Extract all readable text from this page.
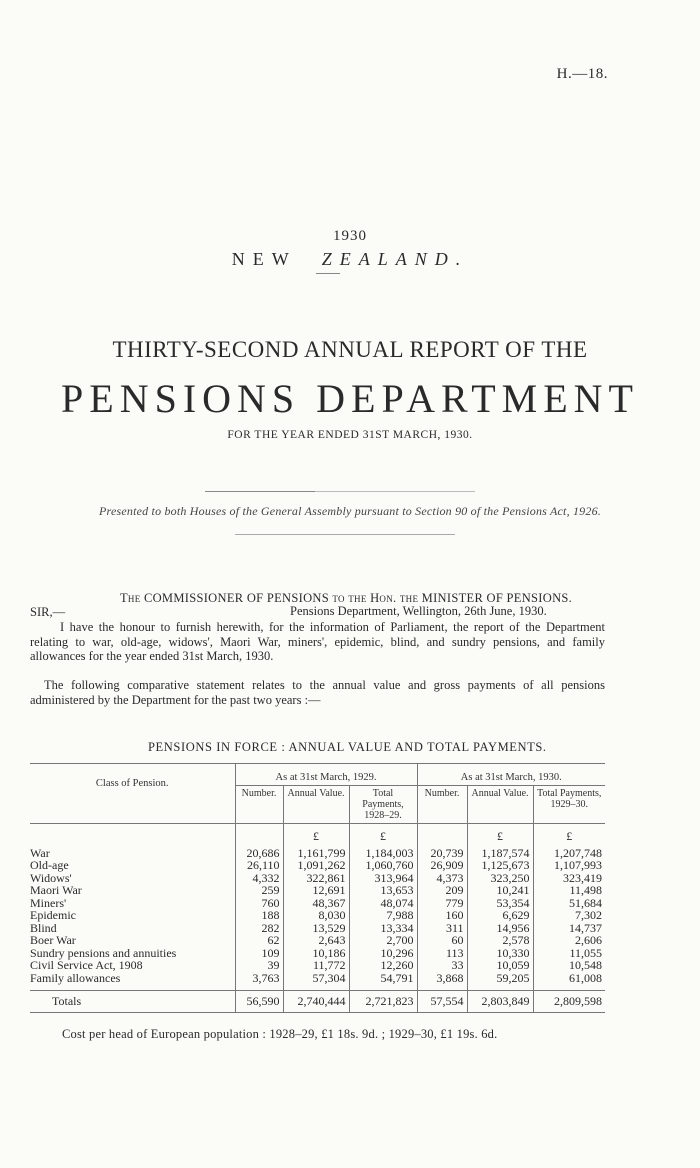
H.—18.
1930
NEW ZEALAND.
THIRTY-SECOND ANNUAL REPORT OF THE
PENSIONS DEPARTMENT
FOR THE YEAR ENDED 31ST MARCH, 1930.
Presented to both Houses of the General Assembly pursuant to Section 90 of the Pensions Act, 1926.
The COMMISSIONER OF PENSIONS to the Hon. the MINISTER OF PENSIONS.
SIR,—	Pensions Department, Wellington, 26th June, 1930.
I have the honour to furnish herewith, for the information of Parliament, the report of the Department relating to war, old-age, widows', Maori War, miners', epidemic, blind, and sundry pensions, and family allowances for the year ended 31st March, 1930.
The following comparative statement relates to the annual value and gross payments of all pensions administered by the Department for the past two years :—
PENSIONS IN FORCE : ANNUAL VALUE AND TOTAL PAYMENTS.
Class of Pension.	As at 31st March, 1929.			As at 31st March, 1930.		
	Number.	Annual Value.	Total Payments, 1928–29.	Number.	Annual Value.	Total Payments, 1929–30.
		£	£		£	£
War	20,686	1,161,799	1,184,003	20,739	1,187,574	1,207,748
Old-age	26,110	1,091,262	1,060,760	26,909	1,125,673	1,107,993
Widows'	4,332	322,861	313,964	4,373	323,250	323,419
Maori War	259	12,691	13,653	209	10,241	11,498
Miners'	760	48,367	48,074	779	53,354	51,684
Epidemic	188	8,030	7,988	160	6,629	7,302
Blind	282	13,529	13,334	311	14,956	14,737
Boer War	62	2,643	2,700	60	2,578	2,606
Sundry pensions and annuities	109	10,186	10,296	113	10,330	11,055
Civil Service Act, 1908	39	11,772	12,260	33	10,059	10,548
Family allowances	3,763	57,304	54,791	3,868	59,205	61,008
Totals	56,590	2,740,444	2,721,823	57,554	2,803,849	2,809,598
Cost per head of European population : 1928–29, £1 18s. 9d. ; 1929–30, £1 19s. 6d.
